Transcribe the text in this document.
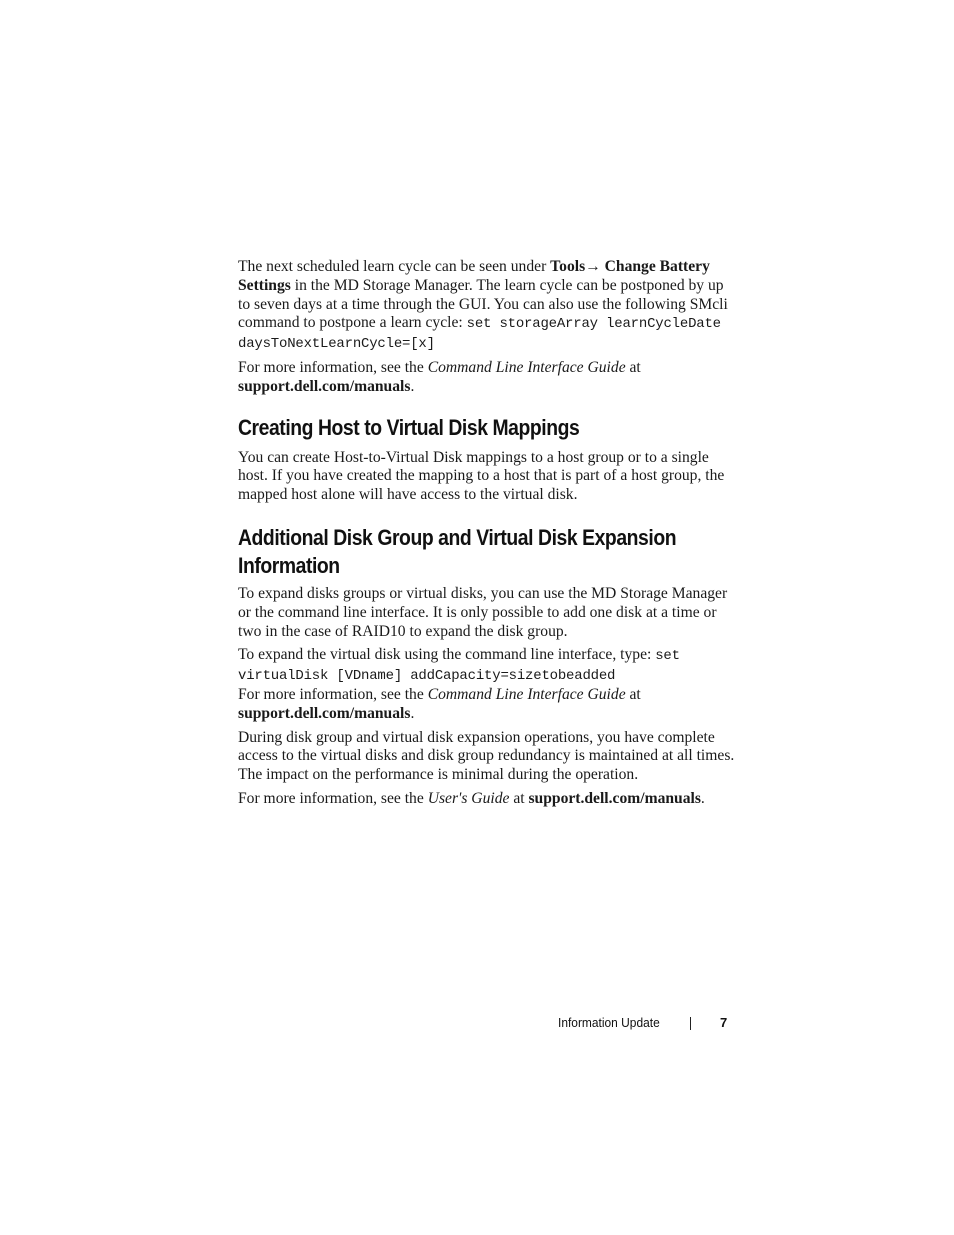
The next scheduled learn cycle can be seen under Tools→ Change Battery Settings in the MD Storage Manager. The learn cycle can be postponed by up to seven days at a time through the GUI. You can also use the following SMcli command to postpone a learn cycle: set storageArray learnCycleDate daysToNextLearnCycle=[x]

For more information, see the Command Line Interface Guide at
support.dell.com/manuals.

Creating Host to Virtual Disk Mappings

You can create Host-to-Virtual Disk mappings to a host group or to a single host. If you have created the mapping to a host that is part of a host group, the mapped host alone will have access to the virtual disk.

Additional Disk Group and Virtual Disk Expansion Information

To expand disks groups or virtual disks, you can use the MD Storage Manager or the command line interface. It is only possible to add one disk at a time or two in the case of RAID10 to expand the disk group.

To expand the virtual disk using the command line interface, type: set virtualDisk [VDname] addCapacity=sizetobeadded
For more information, see the Command Line Interface Guide at
support.dell.com/manuals.

During disk group and virtual disk expansion operations, you have complete access to the virtual disks and disk group redundancy is maintained at all times. The impact on the performance is minimal during the operation.

For more information, see the User's Guide at support.dell.com/manuals.

Information Update	7
